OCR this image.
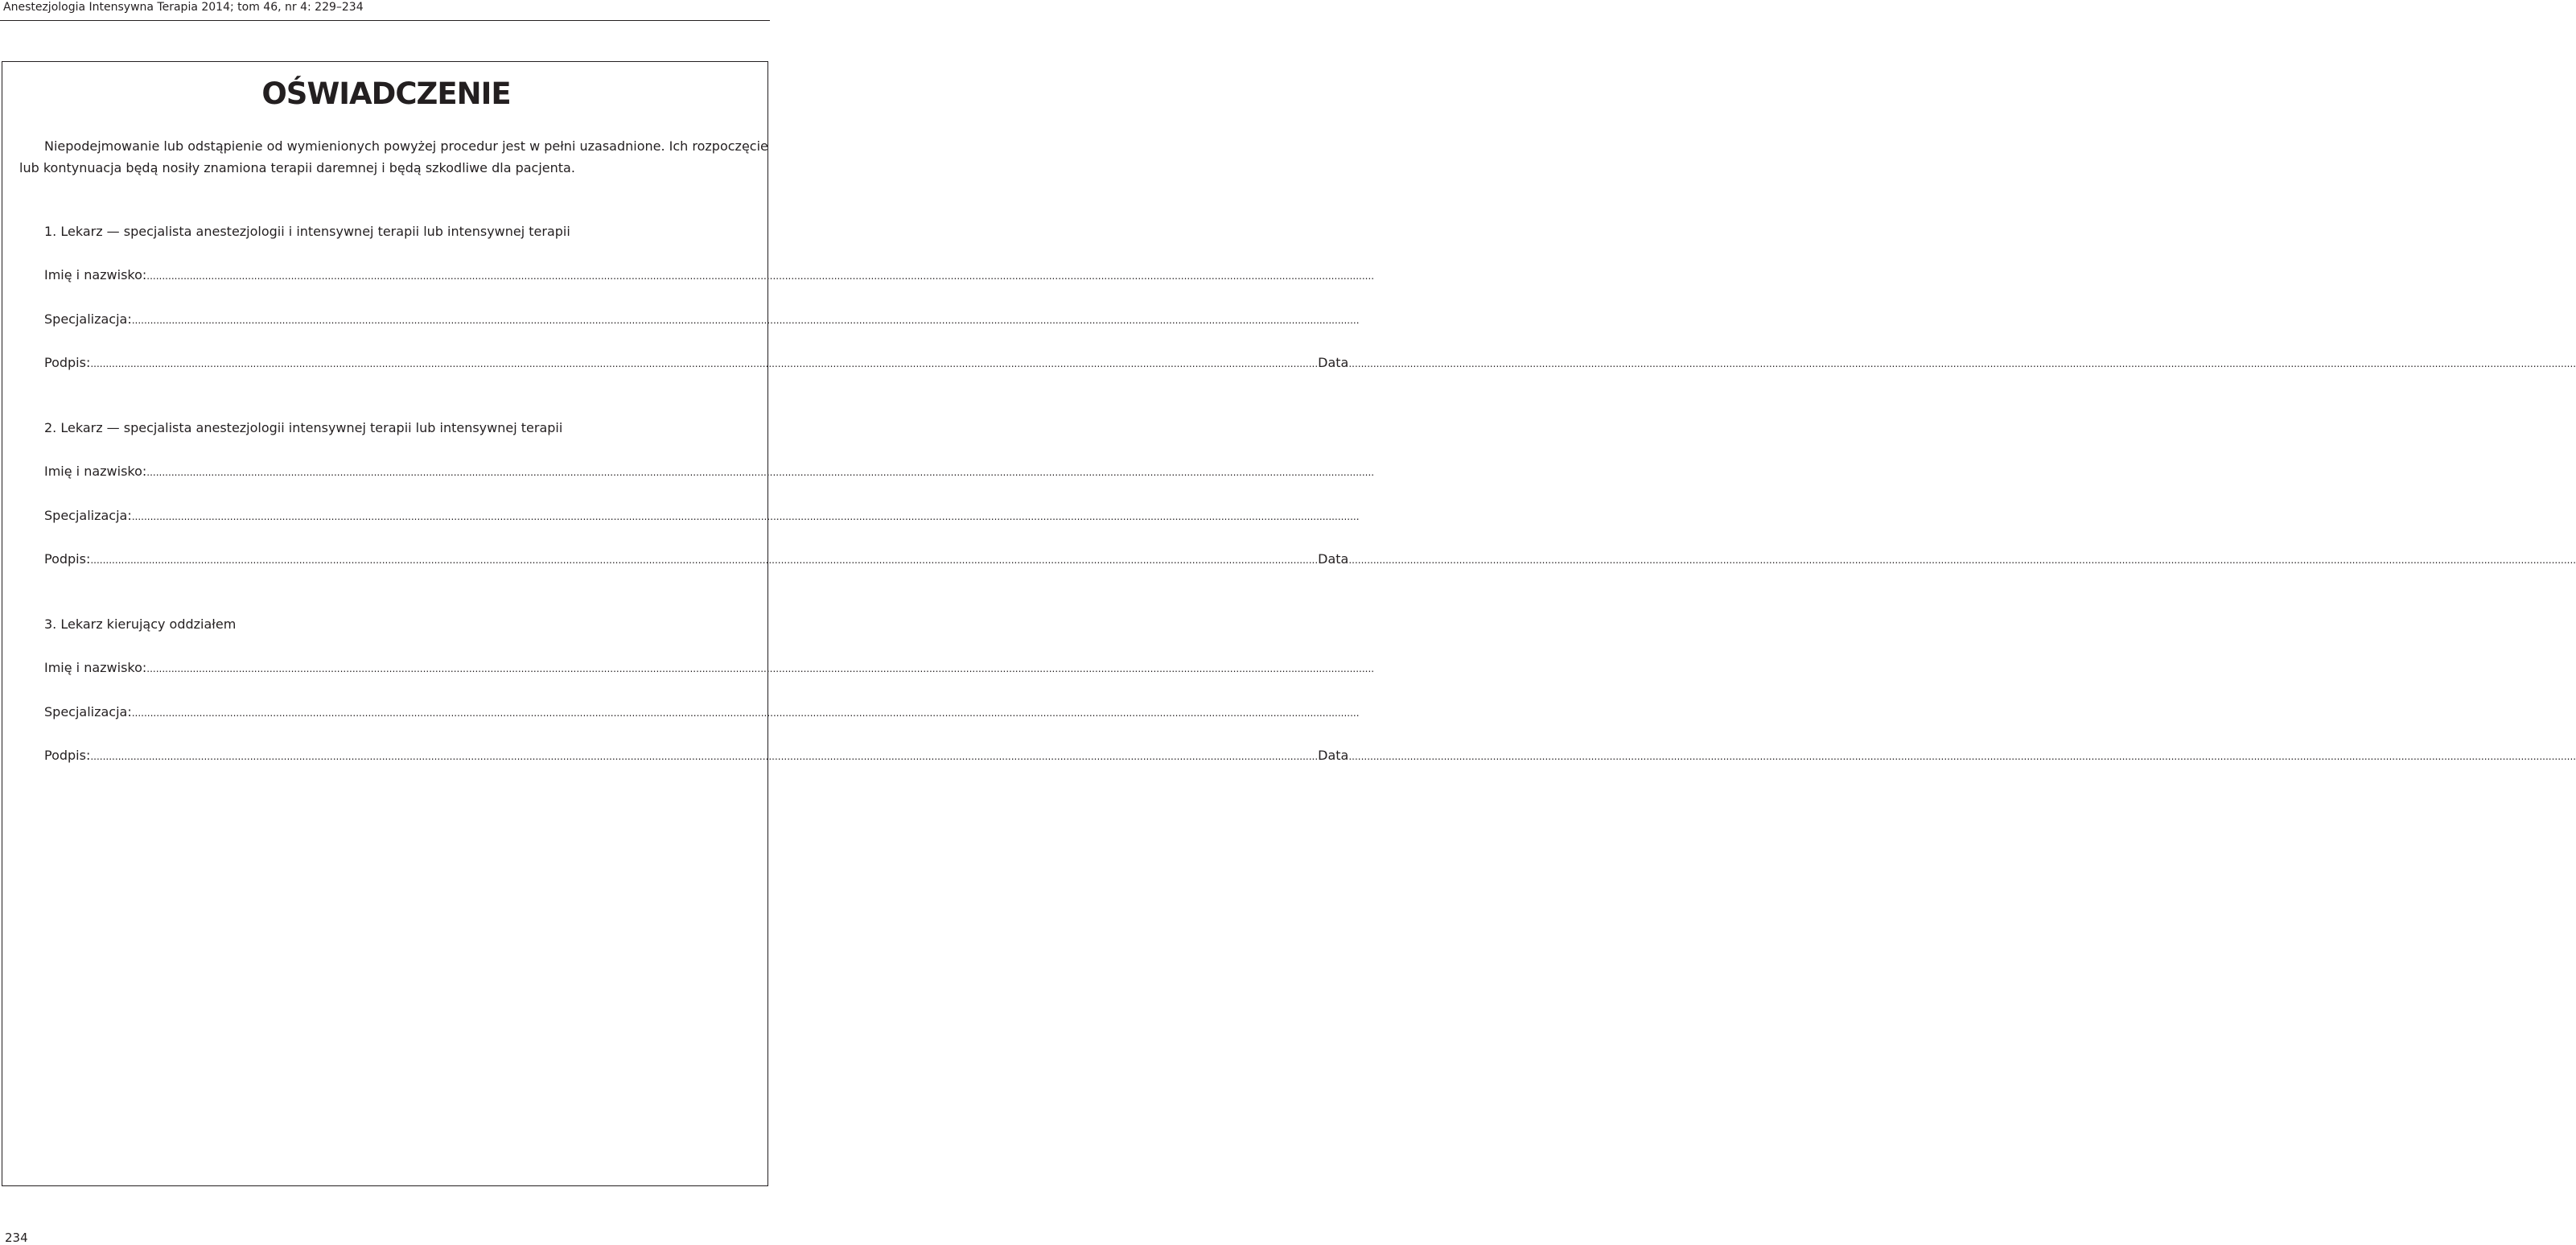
Anestezjologia Intensywna Terapia 2014; tom 46, nr 4: 229–234
OŚWIADCZENIE
Niepodejmowanie lub odstąpienie od wymienionych powyżej procedur jest w pełni uzasadnione. Ich rozpoczęcie
lub kontynuacja będą nosiły znamiona terapii daremnej i będą szkodliwe dla pacjenta.
1. Lekarz — specjalista anestezjologii i intensywnej terapii lub intensywnej terapii
Imię i nazwisko: ................................................................................................................................................................................................................................................................................................................................................................................................................
Specjalizacja: ................................................................................................................................................................................................................................................................................................................................................................................................................
Podpis: ................................................................................................................................................................................................................................................................................................................................................................................................................ Data ................................................................................................................................................................................................................................................................................................................................................................................................................
2. Lekarz — specjalista anestezjologii intensywnej terapii lub intensywnej terapii
Imię i nazwisko: ................................................................................................................................................................................................................................................................................................................................................................................................................
Specjalizacja: ................................................................................................................................................................................................................................................................................................................................................................................................................
Podpis: ................................................................................................................................................................................................................................................................................................................................................................................................................ Data ................................................................................................................................................................................................................................................................................................................................................................................................................
3. Lekarz kierujący oddziałem
Imię i nazwisko: ................................................................................................................................................................................................................................................................................................................................................................................................................
Specjalizacja: ................................................................................................................................................................................................................................................................................................................................................................................................................
Podpis: ................................................................................................................................................................................................................................................................................................................................................................................................................ Data ................................................................................................................................................................................................................................................................................................................................................................................................................
234
